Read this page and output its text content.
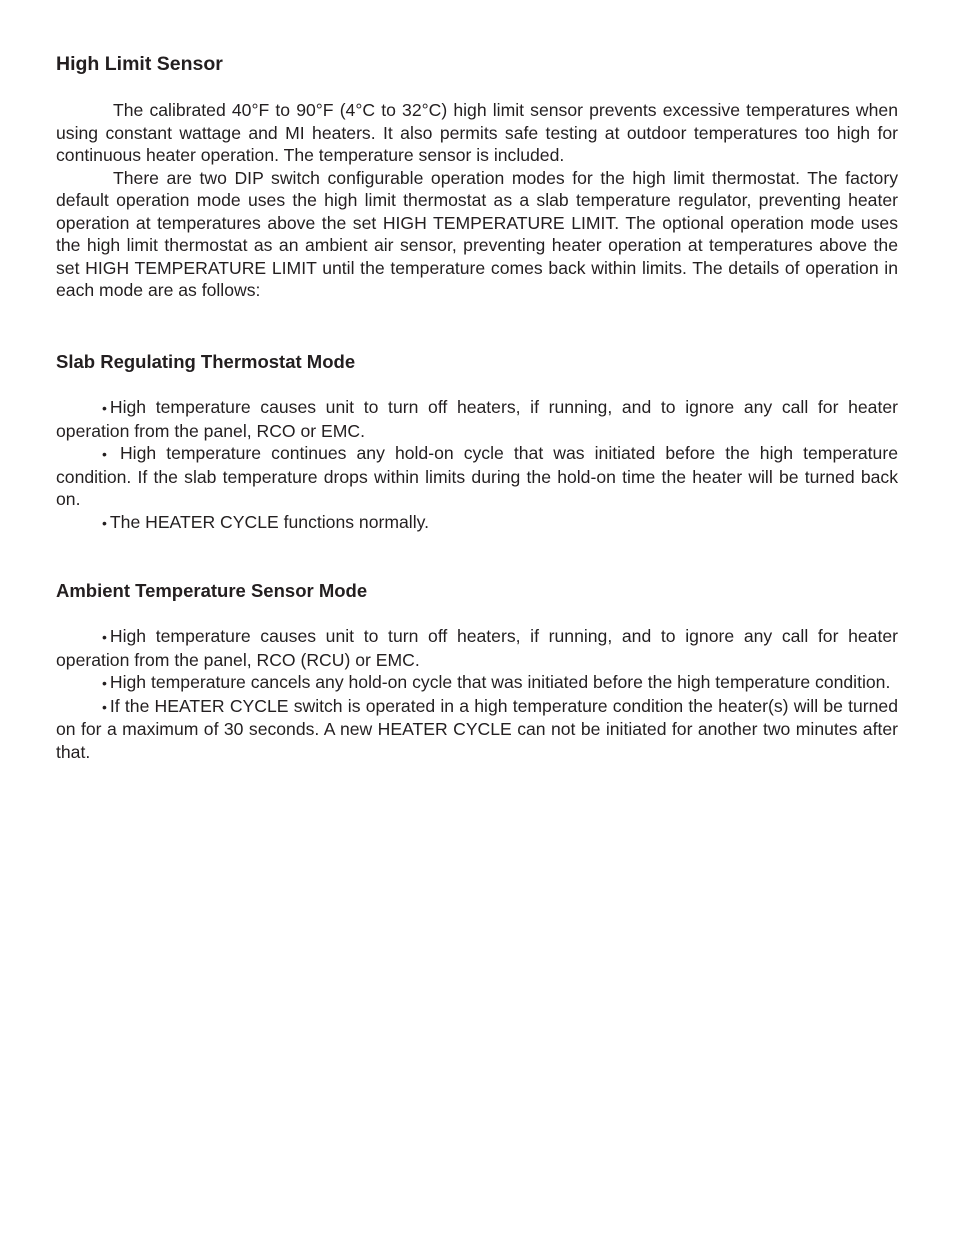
High Limit Sensor

The calibrated 40°F to 90°F (4°C to 32°C) high limit sensor prevents excessive temperatures when using constant wattage and MI heaters. It also permits safe testing at outdoor temperatures too high for continuous heater operation. The temperature sensor is included.

There are two DIP switch configurable operation modes for the high limit thermostat. The factory default operation mode uses the high limit thermostat as a slab temperature regulator, preventing heater operation at temperatures above the set HIGH TEMPERATURE LIMIT. The optional operation mode uses the high limit thermostat as an ambient air sensor, preventing heater operation at temperatures above the set HIGH TEMPERATURE LIMIT until the temperature comes back within limits. The details of operation in each mode are as follows:

Slab Regulating Thermostat Mode

• High temperature causes unit to turn off heaters, if running, and to ignore any call for heater operation from the panel, RCO or EMC.

• High temperature continues any hold-on cycle that was initiated before the high temperature condition. If the slab temperature drops within limits during the hold-on time the heater will be turned back on.

• The HEATER CYCLE functions normally.

Ambient Temperature Sensor Mode

• High temperature causes unit to turn off heaters, if running, and to ignore any call for heater operation from the panel, RCO (RCU) or EMC.

• High temperature cancels any hold-on cycle that was initiated before the high temperature condition.

• If the HEATER CYCLE switch is operated in a high temperature condition the heater(s) will be turned on for a maximum of 30 seconds. A new HEATER CYCLE can not be initiated for another two minutes after that.
